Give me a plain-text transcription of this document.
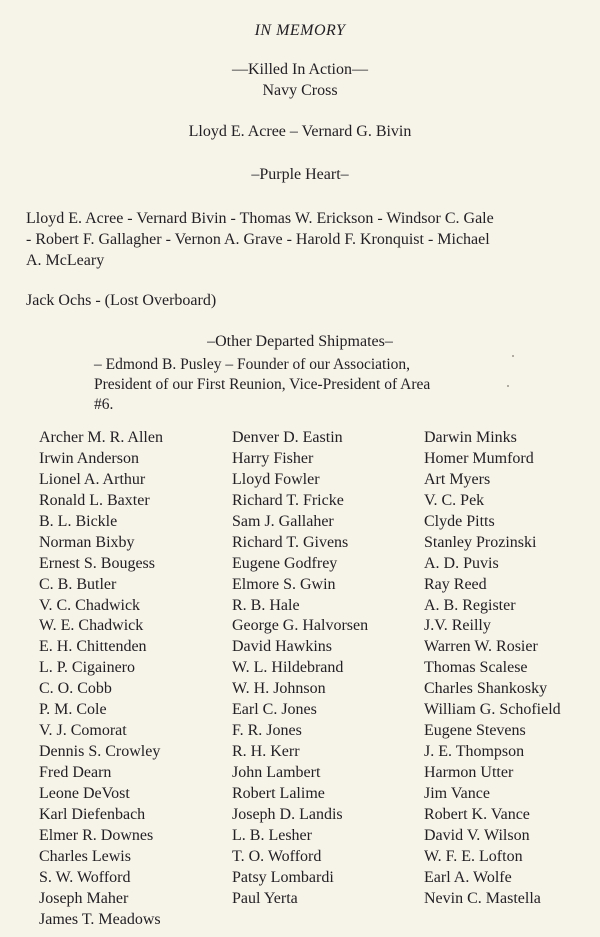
IN MEMORY
—Killed In Action—
Navy Cross
Lloyd E. Acree – Vernard G. Bivin
–Purple Heart–
Lloyd E. Acree - Vernard Bivin - Thomas W. Erickson - Windsor C. Gale
- Robert F. Gallagher - Vernon A. Grave - Harold F. Kronquist - Michael
A. McLeary
Jack Ochs - (Lost Overboard)
–Other Departed Shipmates–
– Edmond B. Pusley – Founder of our Association,
President of our First Reunion, Vice-President of Area
#6.
Archer M. R. Allen
Irwin Anderson
Lionel A. Arthur
Ronald L. Baxter
B. L. Bickle
Norman Bixby
Ernest S. Bougess
C. B. Butler
V. C. Chadwick
W. E. Chadwick
E. H. Chittenden
L. P. Cigainero
C. O. Cobb
P. M. Cole
V. J. Comorat
Dennis S. Crowley
Fred Dearn
Leone DeVost
Karl Diefenbach
Elmer R. Downes
Charles Lewis
S. W. Wofford
Joseph Maher
James T. Meadows
Denver D. Eastin
Harry Fisher
Lloyd Fowler
Richard T. Fricke
Sam J. Gallaher
Richard T. Givens
Eugene Godfrey
Elmore S. Gwin
R. B. Hale
George G. Halvorsen
David Hawkins
W. L. Hildebrand
W. H. Johnson
Earl C. Jones
F. R. Jones
R. H. Kerr
John Lambert
Robert Lalime
Joseph D. Landis
L. B. Lesher
T. O. Wofford
Patsy Lombardi
Paul Yerta
Darwin Minks
Homer Mumford
Art Myers
V. C. Pek
Clyde Pitts
Stanley Prozinski
A. D. Puvis
Ray Reed
A. B. Register
J.V. Reilly
Warren W. Rosier
Thomas Scalese
Charles Shankosky
William G. Schofield
Eugene Stevens
J. E. Thompson
Harmon Utter
Jim Vance
Robert K. Vance
David V. Wilson
W. F. E. Lofton
Earl A. Wolfe
Nevin C. Mastella
